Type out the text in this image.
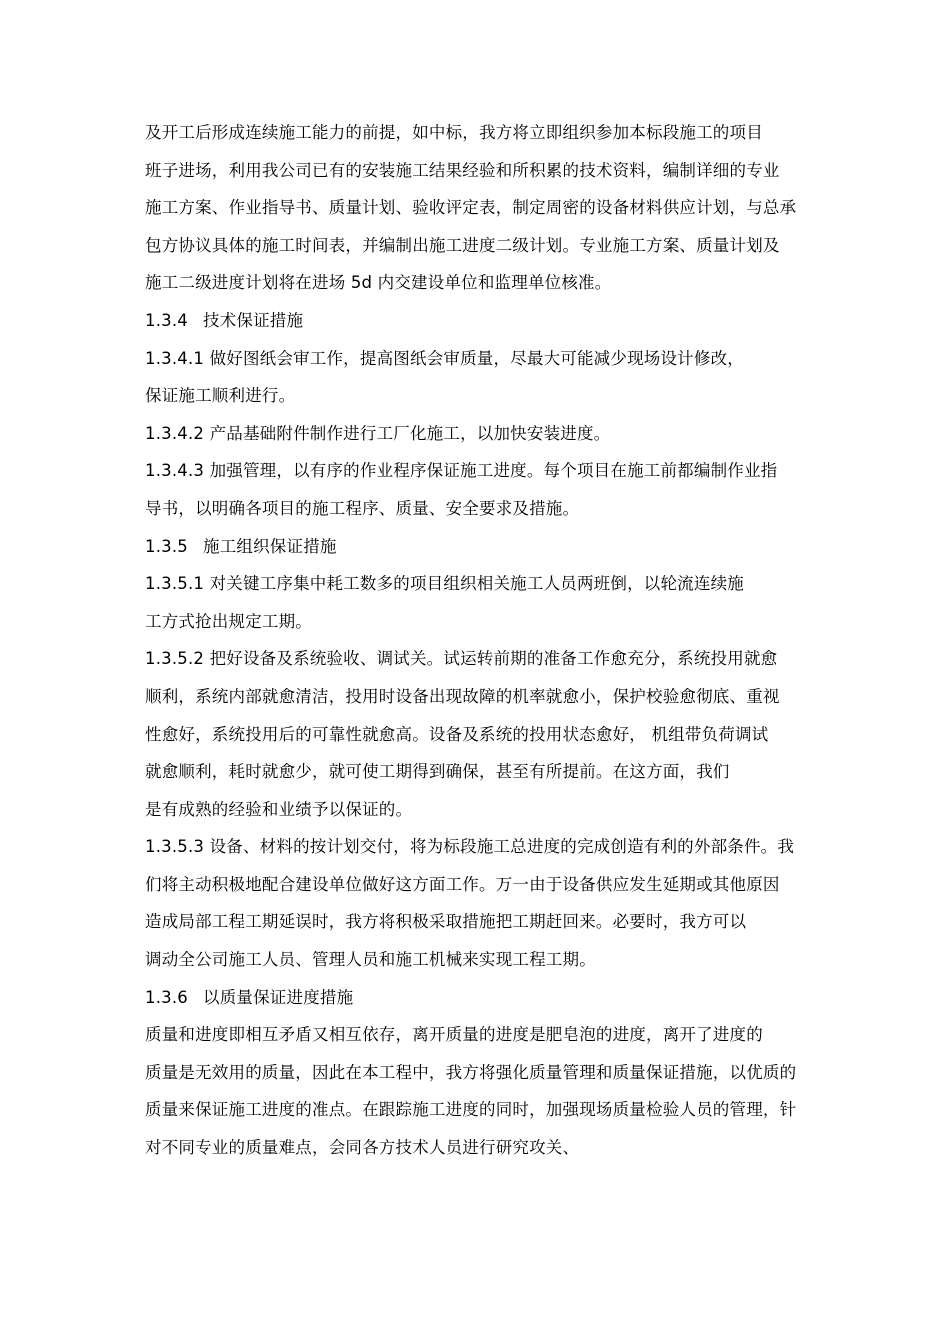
及开工后形成连续施工能力的前提，如中标，我方将立即组织参加本标段施工的项目
班子进场，利用我公司已有的安装施工结果经验和所积累的技术资料，编制详细的专业
施工方案、作业指导书、质量计划、验收评定表，制定周密的设备材料供应计划，与总承
包方协议具体的施工时间表，并编制出施工进度二级计划。专业施工方案、质量计划及
施工二级进度计划将在进场 5d 内交建设单位和监理单位核准。
1.3.4 技术保证措施
1.3.4.1 做好图纸会审工作，提高图纸会审质量，尽最大可能减少现场设计修改，
保证施工顺利进行。
1.3.4.2 产品基础附件制作进行工厂化施工，以加快安装进度。
1.3.4.3 加强管理，以有序的作业程序保证施工进度。每个项目在施工前都编制作业指
导书，以明确各项目的施工程序、质量、安全要求及措施。
1.3.5 施工组织保证措施
1.3.5.1 对关键工序集中耗工数多的项目组织相关施工人员两班倒，以轮流连续施
工方式抢出规定工期。
1.3.5.2 把好设备及系统验收、调试关。试运转前期的准备工作愈充分，系统投用就愈
顺利，系统内部就愈清洁，投用时设备出现故障的机率就愈小，保护校验愈彻底、重视
性愈好，系统投用后的可靠性就愈高。设备及系统的投用状态愈好， 机组带负荷调试
就愈顺利，耗时就愈少，就可使工期得到确保，甚至有所提前。在这方面，我们
是有成熟的经验和业绩予以保证的。
1.3.5.3 设备、材料的按计划交付，将为标段施工总进度的完成创造有利的外部条件。我
们将主动积极地配合建设单位做好这方面工作。万一由于设备供应发生延期或其他原因
造成局部工程工期延误时，我方将积极采取措施把工期赶回来。必要时，我方可以
调动全公司施工人员、管理人员和施工机械来实现工程工期。
1.3.6 以质量保证进度措施
质量和进度即相互矛盾又相互依存，离开质量的进度是肥皂泡的进度，离开了进度的
质量是无效用的质量，因此在本工程中，我方将强化质量管理和质量保证措施，以优质的
质量来保证施工进度的准点。在跟踪施工进度的同时，加强现场质量检验人员的管理，针
对不同专业的质量难点，会同各方技术人员进行研究攻关、
